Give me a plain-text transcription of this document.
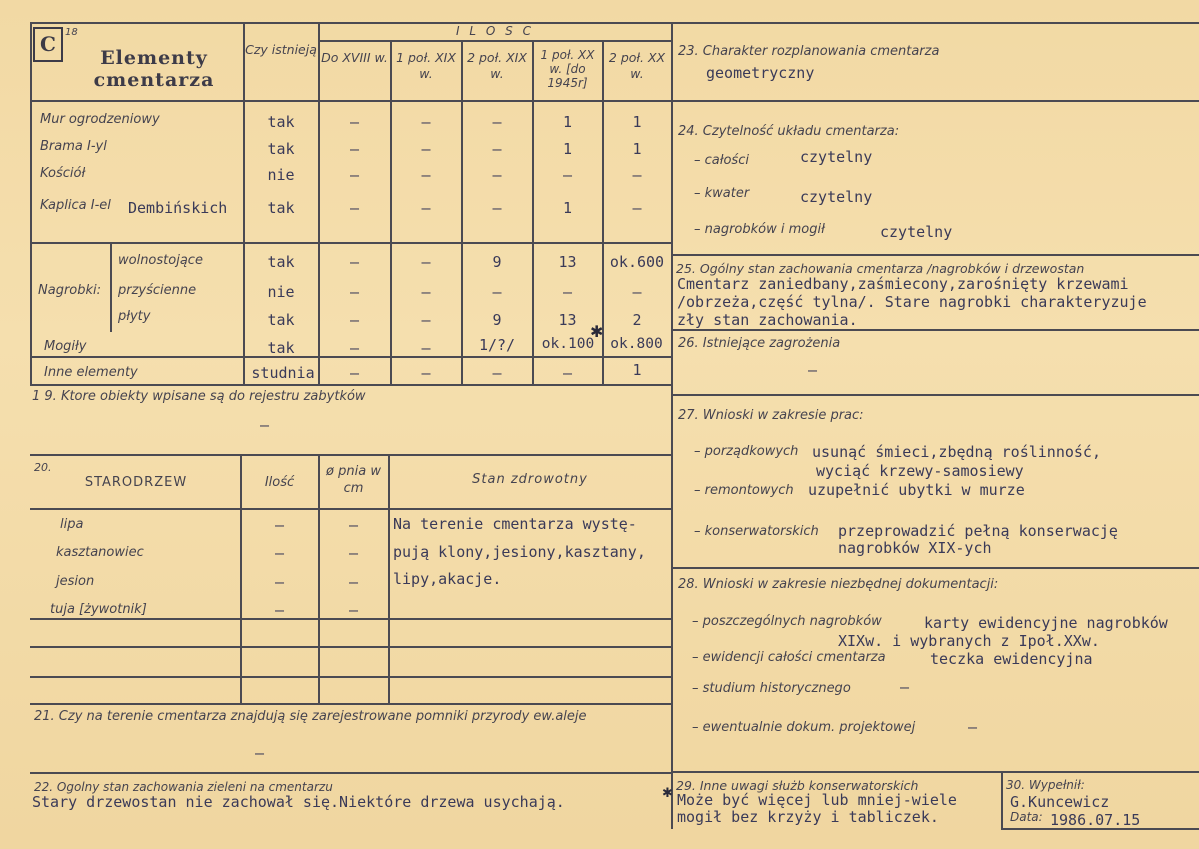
C 18
Elementy cmentarza
Czy istnieją
I L O S C
Do XVIII w. 1 poł. XIX w.
2 poł. XIX w.
1 poł. XX w. [do 1945r]
2 poł. XX w.
Mur ogrodzeniowy	tak	–	–	–	1	1
Brama I-yl	tak	–	–	–	1	1
Kościół	nie	–	–	–	–	–
Kaplica I-el Dembińskich	tak	–	–	–	1	–
Nagrobki:
wolnostojące	tak	–	–	9	13	ok.600
przyścienne	nie	–	–	–	–	–
płyty	tak	–	–	9	13	2
Mogiły	tak	–	–	1/?/	ok.100	ok.800
Inne elementy	studnia	–	–	–	–	1
✱
1 9. Ktore obiekty wpisane są do rejestru zabytków
–
20.
STARODRZEW	Ilość
ø pnia w cm
Stan zdrowotny
lipa	–	–
kasztanowiec	–	–
jesion	–	–
tuja [żywotnik]	–	–
Na terenie cmentarza wystę-
pują klony,jesiony,kasztany,
lipy,akacje.
21. Czy na terenie cmentarza znajdują się zarejestrowane pomniki przyrody ew.aleje
–
22. Ogolny stan zachowania zieleni na cmentarzu
Stary drzewostan nie zachował się.Niektóre drzewa usychają.
23. Charakter rozplanowania cmentarza
geometryczny
24. Czytelność układu cmentarza:
– całości	czytelny
– kwater	czytelny
– nagrobków i mogił	czytelny
25. Ogólny stan zachowania cmentarza /nagrobków i drzewostan
Cmentarz zaniedbany,zaśmiecony,zarośnięty krzewami
/obrzeża,część tylna/. Stare nagrobki charakteryzuje
zły stan zachowania.
26. Istniejące zagrożenia
–
27. Wnioski w zakresie prac:
– porządkowych usunąć śmieci,zbędną roślinność,
wyciąć krzewy-samosiewy
– remontowych uzupełnić ubytki w murze
– konserwatorskich przeprowadzić pełną konserwację
nagrobków XIX-ych
28. Wnioski w zakresie niezbędnej dokumentacji:
– poszczególnych nagrobków	karty ewidencyjne nagrobków
XIXw. i wybranych z Ipoł.XXw.
– ewidencji całości cmentarza	teczka ewidencyjna
– studium historycznego	–
– ewentualnie dokum. projektowej	–
29. Inne uwagi służb konserwatorskich
Może być więcej lub mniej-wiele
mogił bez krzyży i tabliczek.
✱
30. Wypełnił:
G.Kuncewicz
Data: 1986.07.15
